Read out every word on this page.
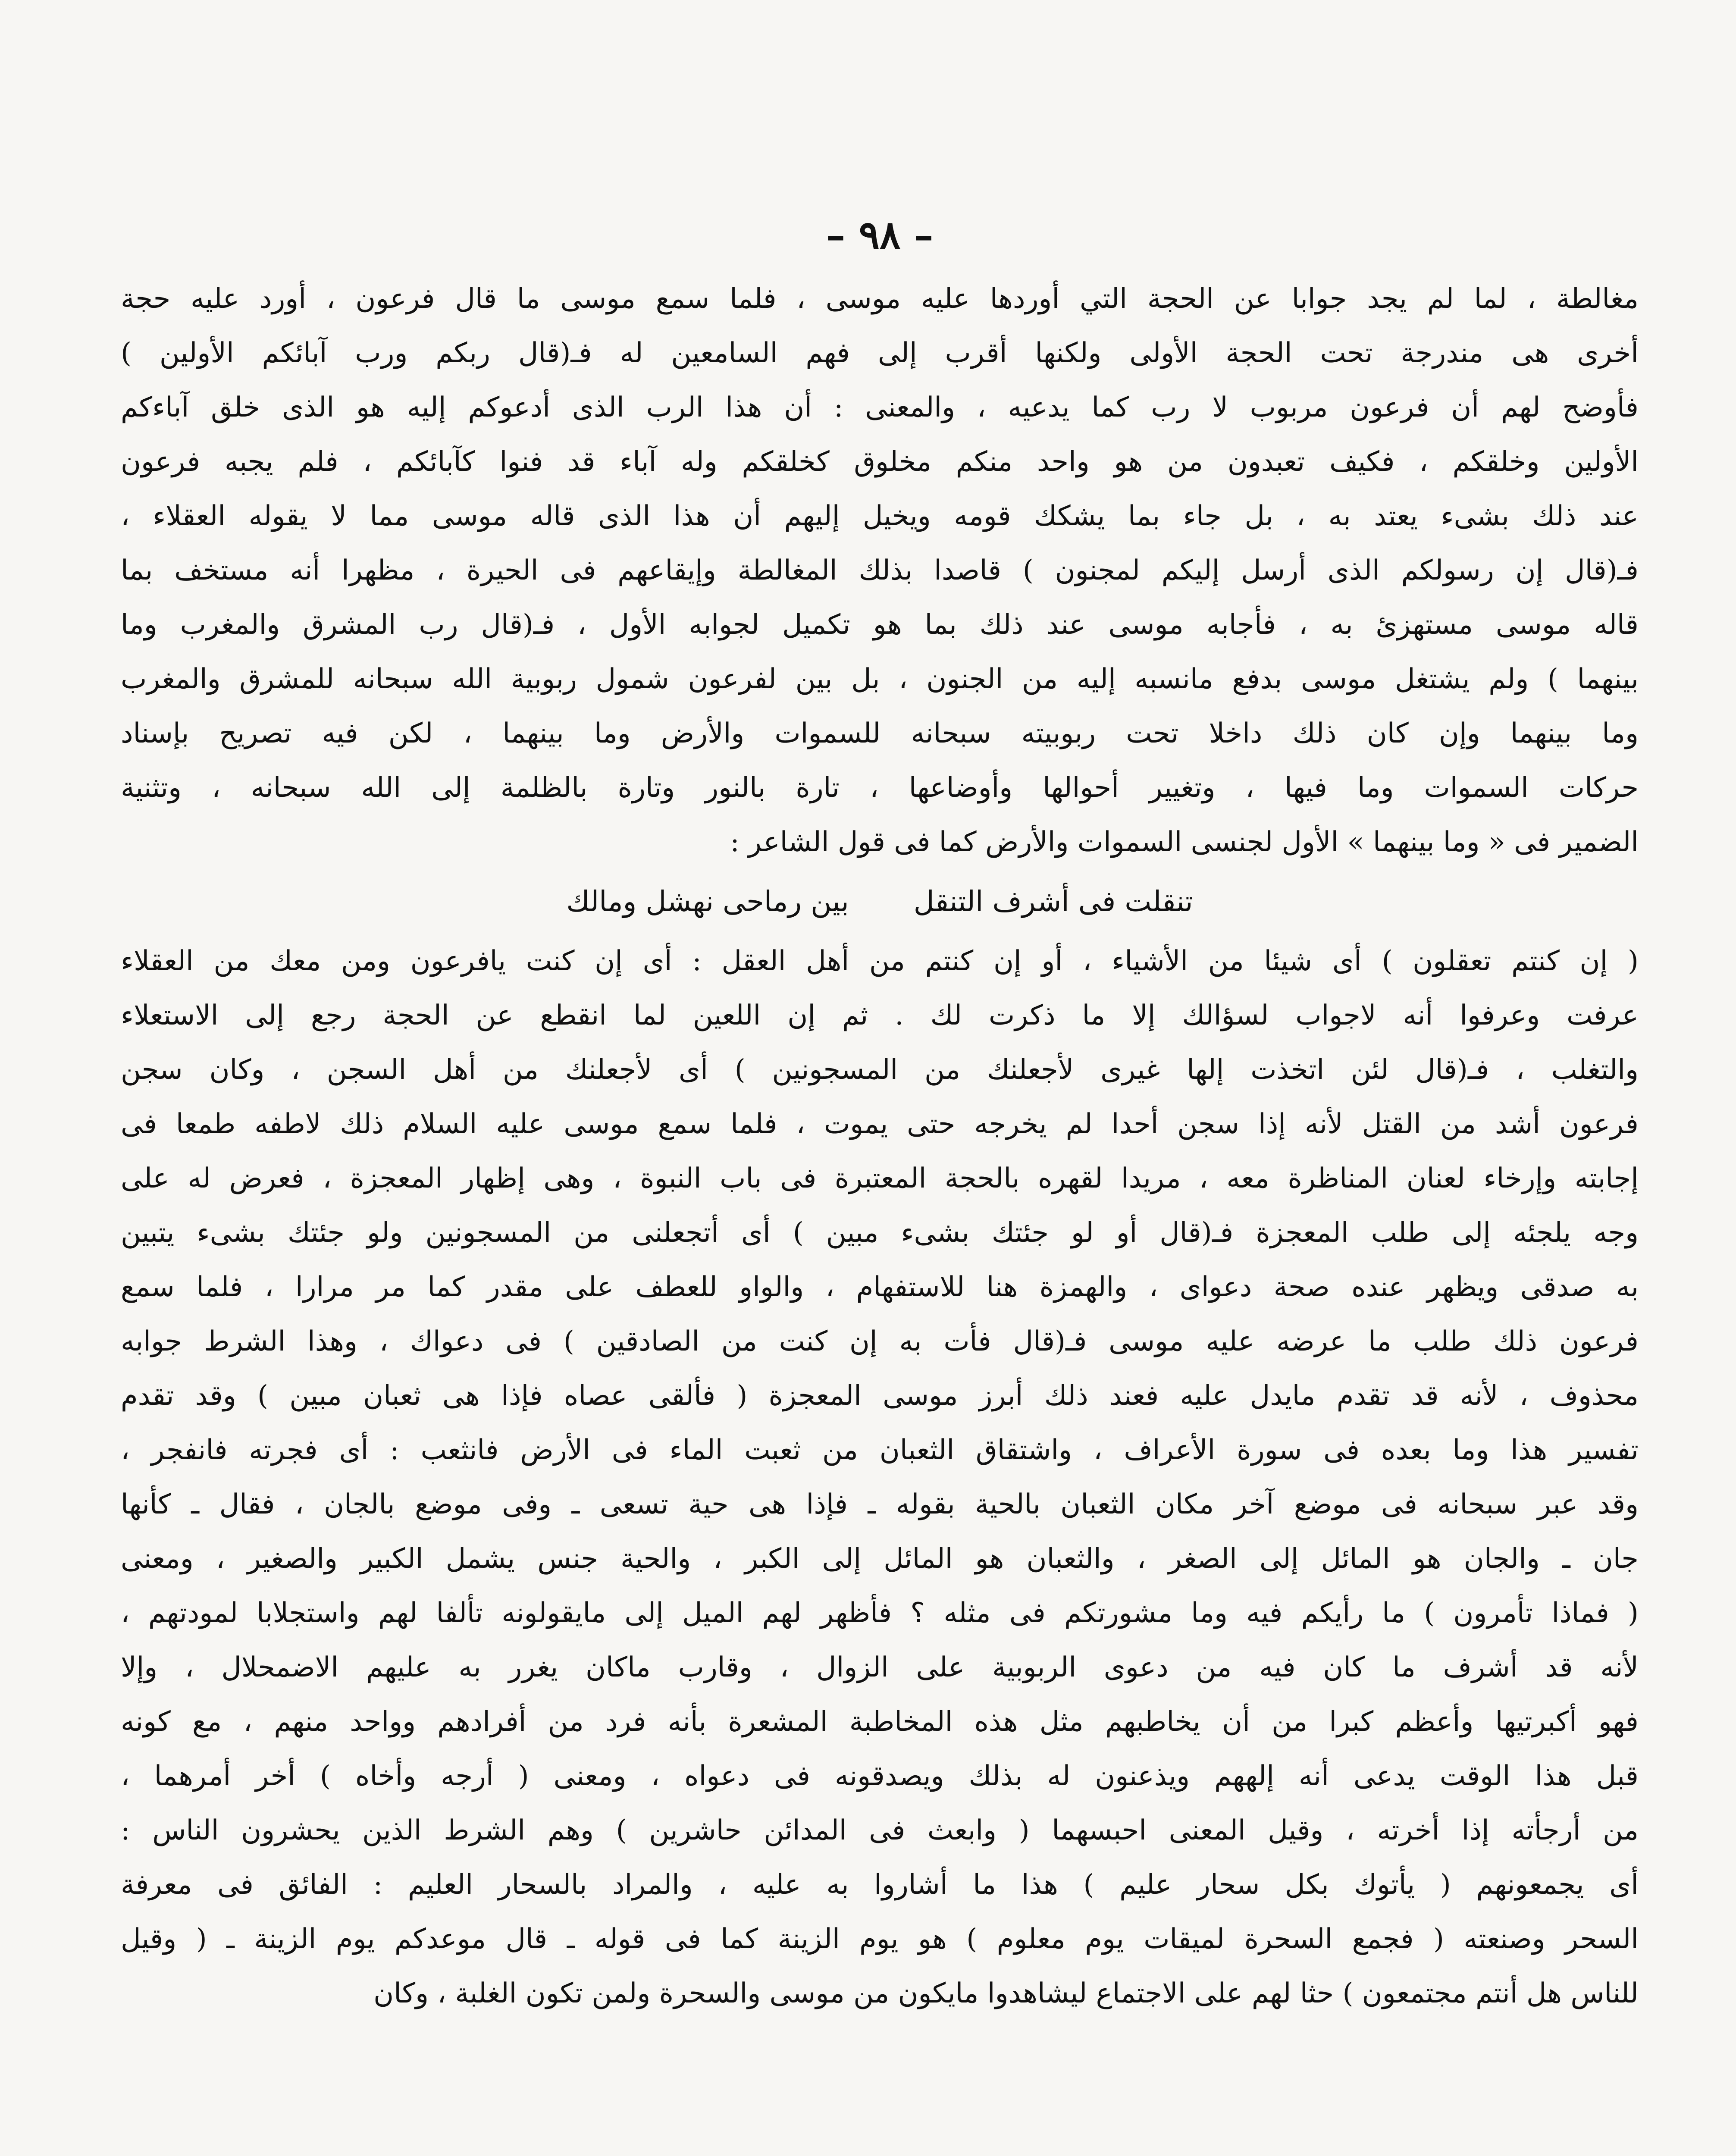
– ٩٨ –
مغالطة ، لما لم يجد جوابا عن الحجة التي أوردها عليه موسى ، فلما سمع موسى ما قال فرعون ، أورد عليه حجة
أخرى هى مندرجة تحت الحجة الأولى ولكنها أقرب إلى فهم السامعين له فـ(قال ربكم ورب آبائكم الأولين )
فأوضح لهم أن فرعون مربوب لا رب كما يدعيه ، والمعنى : أن هذا الرب الذى أدعوكم إليه هو الذى خلق آباءكم
الأولين وخلقكم ، فكيف تعبدون من هو واحد منكم مخلوق كخلقكم وله آباء قد فنوا كآبائكم ، فلم يجبه فرعون
عند ذلك بشىء يعتد به ، بل جاء بما يشكك قومه ويخيل إليهم أن هذا الذى قاله موسى مما لا يقوله العقلاء ،
فـ(قال إن رسولكم الذى أرسل إليكم لمجنون ) قاصدا بذلك المغالطة وإيقاعهم فى الحيرة ، مظهرا أنه مستخف بما
قاله موسى مستهزئ به ، فأجابه موسى عند ذلك بما هو تكميل لجوابه الأول ، فـ(قال رب المشرق والمغرب وما
بينهما ) ولم يشتغل موسى بدفع مانسبه إليه من الجنون ، بل بين لفرعون شمول ربوبية الله سبحانه للمشرق والمغرب
وما بينهما وإن كان ذلك داخلا تحت ربوبيته سبحانه للسموات والأرض وما بينهما ، لكن فيه تصريح بإسناد
حركات السموات وما فيها ، وتغيير أحوالها وأوضاعها ، تارة بالنور وتارة بالظلمة إلى الله سبحانه ، وتثنية
الضمير فى « وما بينهما » الأول لجنسى السموات والأرض كما فى قول الشاعر :
تنقلت فى أشرف التنقل
بين رماحى نهشل ومالك
( إن كنتم تعقلون ) أى شيئا من الأشياء ، أو إن كنتم من أهل العقل : أى إن كنت يافرعون ومن معك من العقلاء
عرفت وعرفوا أنه لاجواب لسؤالك إلا ما ذكرت لك . ثم إن اللعين لما انقطع عن الحجة رجع إلى الاستعلاء
والتغلب ، فـ(قال لئن اتخذت إلها غيرى لأجعلنك من المسجونين ) أى لأجعلنك من أهل السجن ، وكان سجن
فرعون أشد من القتل لأنه إذا سجن أحدا لم يخرجه حتى يموت ، فلما سمع موسى عليه السلام ذلك لاطفه طمعا فى
إجابته وإرخاء لعنان المناظرة معه ، مريدا لقهره بالحجة المعتبرة فى باب النبوة ، وهى إظهار المعجزة ، فعرض له على
وجه يلجئه إلى طلب المعجزة فـ(قال أو لو جئتك بشىء مبين ) أى أتجعلنى من المسجونين ولو جئتك بشىء يتبين
به صدقى ويظهر عنده صحة دعواى ، والهمزة هنا للاستفهام ، والواو للعطف على مقدر كما مر مرارا ، فلما سمع
فرعون ذلك طلب ما عرضه عليه موسى فـ(قال فأت به إن كنت من الصادقين ) فى دعواك ، وهذا الشرط جوابه
محذوف ، لأنه قد تقدم مايدل عليه فعند ذلك أبرز موسى المعجزة ( فألقى عصاه فإذا هى ثعبان مبين ) وقد تقدم
تفسير هذا وما بعده فى سورة الأعراف ، واشتقاق الثعبان من ثعبت الماء فى الأرض فانثعب : أى فجرته فانفجر ،
وقد عبر سبحانه فى موضع آخر مكان الثعبان بالحية بقوله ـ فإذا هى حية تسعى ـ وفى موضع بالجان ، فقال ـ كأنها
جان ـ والجان هو المائل إلى الصغر ، والثعبان هو المائل إلى الكبر ، والحية جنس يشمل الكبير والصغير ، ومعنى
( فماذا تأمرون ) ما رأيكم فيه وما مشورتكم فى مثله ؟ فأظهر لهم الميل إلى مايقولونه تألفا لهم واستجلابا لمودتهم ،
لأنه قد أشرف ما كان فيه من دعوى الربوبية على الزوال ، وقارب ماكان يغرر به عليهم الاضمحلال ، وإلا
فهو أكبرتيها وأعظم كبرا من أن يخاطبهم مثل هذه المخاطبة المشعرة بأنه فرد من أفرادهم وواحد منهم ، مع كونه
قبل هذا الوقت يدعى أنه إلههم ويذعنون له بذلك ويصدقونه فى دعواه ، ومعنى ( أرجه وأخاه ) أخر أمرهما ،
من أرجأته إذا أخرته ، وقيل المعنى احبسهما ( وابعث فى المدائن حاشرين ) وهم الشرط الذين يحشرون الناس :
أى يجمعونهم ( يأتوك بكل سحار عليم ) هذا ما أشاروا به عليه ، والمراد بالسحار العليم : الفائق فى معرفة
السحر وصنعته ( فجمع السحرة لميقات يوم معلوم ) هو يوم الزينة كما فى قوله ـ قال موعدكم يوم الزينة ـ ( وقيل
للناس هل أنتم مجتمعون ) حثا لهم على الاجتماع ليشاهدوا مايكون من موسى والسحرة ولمن تكون الغلبة ، وكان
